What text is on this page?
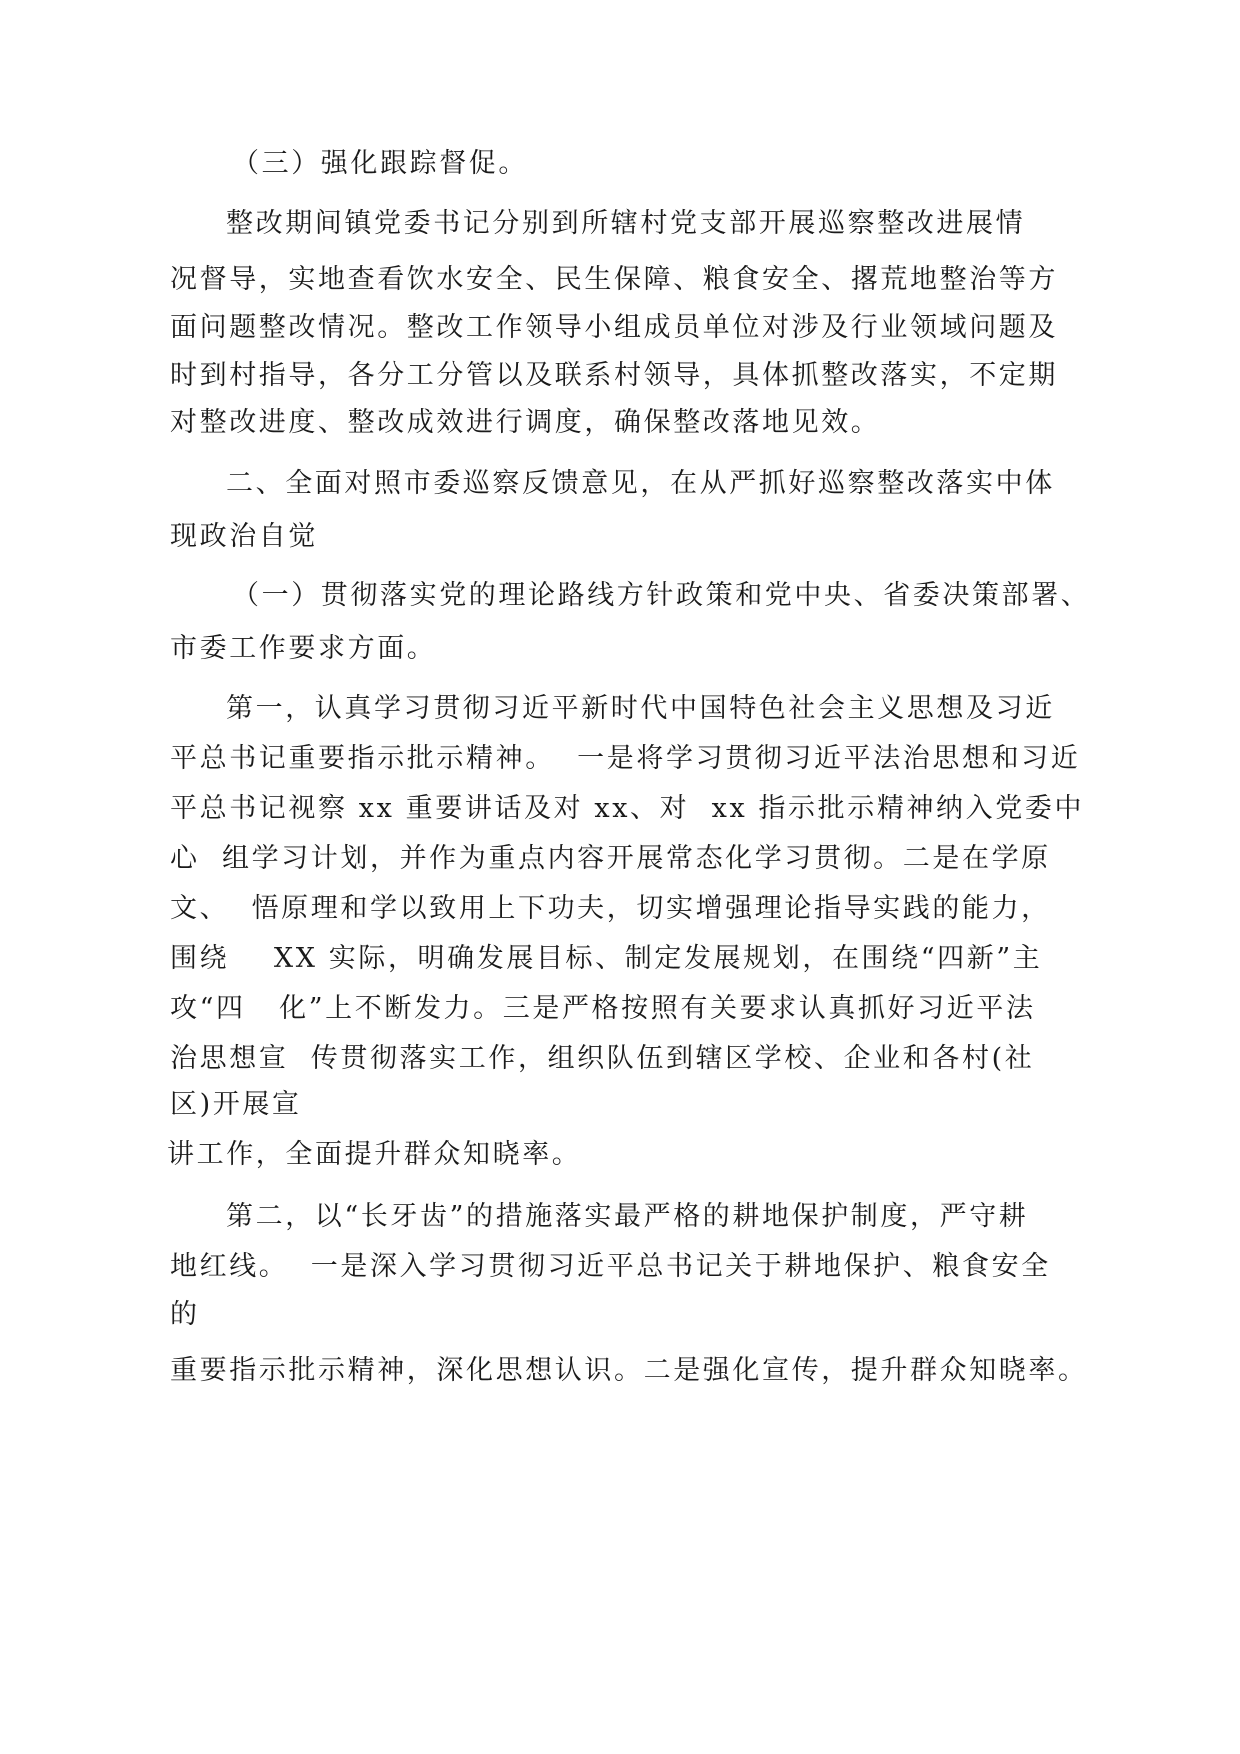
（三）强化跟踪督促。
整改期间镇党委书记分别到所辖村党支部开展巡察整改进展情
况督导，实地查看饮水安全、民生保障、粮食安全、撂荒地整治等方
面问题整改情况。整改工作领导小组成员单位对涉及行业领域问题及
时到村指导，各分工分管以及联系村领导，具体抓整改落实，不定期
对整改进度、整改成效进行调度，确保整改落地见效。
二、全面对照市委巡察反馈意见，在从严抓好巡察整改落实中体
现政治自觉
（一）贯彻落实党的理论路线方针政策和党中央、省委决策部署、
市委工作要求方面。
第一，认真学习贯彻习近平新时代中国特色社会主义思想及习近
平总书记重要指示批示精神。  一是将学习贯彻习近平法治思想和习近
平总书记视察 xx 重要讲话及对 xx、对  xx 指示批示精神纳入党委中
心  组学习计划，并作为重点内容开展常态化学习贯彻。二是在学原
文、  悟原理和学以致用上下功夫，切实增强理论指导实践的能力，
围绕    XX 实际，明确发展目标、制定发展规划，在围绕“四新”主
攻“四   化”上不断发力。三是严格按照有关要求认真抓好习近平法
治思想宣  传贯彻落实工作，组织队伍到辖区学校、企业和各村(社
区)开展宣
讲工作，全面提升群众知晓率。
第二，以“长牙齿”的措施落实最严格的耕地保护制度，严守耕
地红线。  一是深入学习贯彻习近平总书记关于耕地保护、粮食安全
的
重要指示批示精神，深化思想认识。二是强化宣传，提升群众知晓率。
